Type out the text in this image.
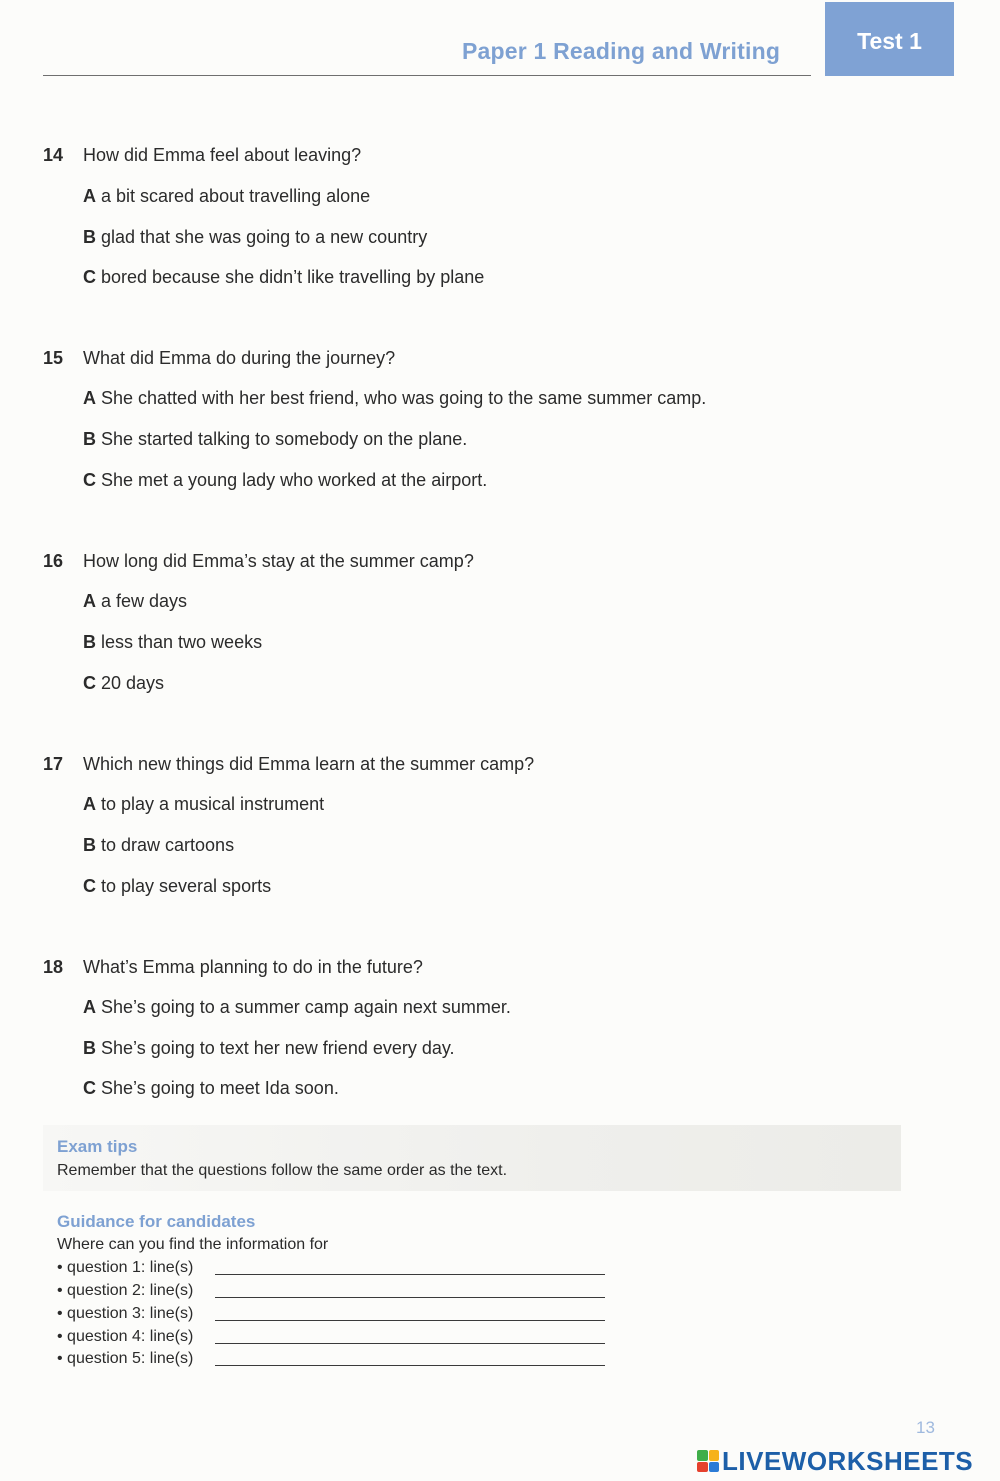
Paper 1 Reading and Writing	Test 1
14 How did Emma feel about leaving?
A a bit scared about travelling alone
B glad that she was going to a new country
C bored because she didn’t like travelling by plane
15 What did Emma do during the journey?
A She chatted with her best friend, who was going to the same summer camp.
B She started talking to somebody on the plane.
C She met a young lady who worked at the airport.
16 How long did Emma’s stay at the summer camp?
A a few days
B less than two weeks
C 20 days
17 Which new things did Emma learn at the summer camp?
A to play a musical instrument
B to draw cartoons
C to play several sports
18 What’s Emma planning to do in the future?
A She’s going to a summer camp again next summer.
B She’s going to text her new friend every day.
C She’s going to meet Ida soon.
Exam tips
Remember that the questions follow the same order as the text.
Guidance for candidates
Where can you find the information for
• question 1: line(s)
• question 2: line(s)
• question 3: line(s)
• question 4: line(s)
• question 5: line(s)
13
LIVEWORKSHEETS
